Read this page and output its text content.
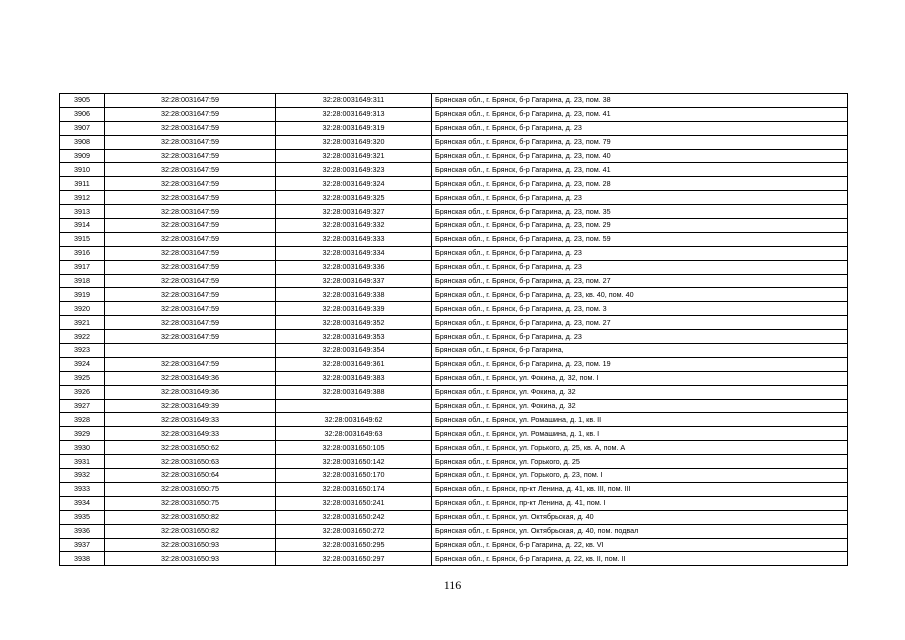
3905	32:28:0031647:59	32:28:0031649:311	Брянская обл., г. Брянск, б-р Гагарина, д. 23, пом. 38
3906	32:28:0031647:59	32:28:0031649:313	Брянская обл., г. Брянск, б-р Гагарина, д. 23, пом. 41
3907	32:28:0031647:59	32:28:0031649:319	Брянская обл., г. Брянск, б-р Гагарина, д. 23
3908	32:28:0031647:59	32:28:0031649:320	Брянская обл., г. Брянск, б-р Гагарина, д. 23, пом. 79
3909	32:28:0031647:59	32:28:0031649:321	Брянская обл., г. Брянск, б-р Гагарина, д. 23, пом. 40
3910	32:28:0031647:59	32:28:0031649:323	Брянская обл., г. Брянск, б-р Гагарина, д. 23, пом. 41
3911	32:28:0031647:59	32:28:0031649:324	Брянская обл., г. Брянск, б-р Гагарина, д. 23, пом. 28
3912	32:28:0031647:59	32:28:0031649:325	Брянская обл., г. Брянск, б-р Гагарина, д. 23
3913	32:28:0031647:59	32:28:0031649:327	Брянская обл., г. Брянск, б-р Гагарина, д. 23, пом. 35
3914	32:28:0031647:59	32:28:0031649:332	Брянская обл., г. Брянск, б-р Гагарина, д. 23, пом. 29
3915	32:28:0031647:59	32:28:0031649:333	Брянская обл., г. Брянск, б-р Гагарина, д. 23, пом. 59
3916	32:28:0031647:59	32:28:0031649:334	Брянская обл., г. Брянск, б-р Гагарина, д. 23
3917	32:28:0031647:59	32:28:0031649:336	Брянская обл., г. Брянск, б-р Гагарина, д. 23
3918	32:28:0031647:59	32:28:0031649:337	Брянская обл., г. Брянск, б-р Гагарина, д. 23, пом. 27
3919	32:28:0031647:59	32:28:0031649:338	Брянская обл., г. Брянск, б-р Гагарина, д. 23, кв. 40, пом. 40
3920	32:28:0031647:59	32:28:0031649:339	Брянская обл., г. Брянск, б-р Гагарина, д. 23, пом. 3
3921	32:28:0031647:59	32:28:0031649:352	Брянская обл., г. Брянск, б-р Гагарина, д. 23, пом. 27
3922	32:28:0031647:59	32:28:0031649:353	Брянская обл., г. Брянск, б-р Гагарина, д. 23
3923		32:28:0031649:354	Брянская обл., г. Брянск, б-р Гагарина,
3924	32:28:0031647:59	32:28:0031649:361	Брянская обл., г. Брянск, б-р Гагарина, д. 23, пом. 19
3925	32:28:0031649:36	32:28:0031649:383	Брянская обл., г. Брянск, ул. Фокина, д. 32, пом. I
3926	32:28:0031649:36	32:28:0031649:388	Брянская обл., г. Брянск, ул. Фокина, д. 32
3927	32:28:0031649:39		Брянская обл., г. Брянск, ул. Фокина, д. 32
3928	32:28:0031649:33	32:28:0031649:62	Брянская обл., г. Брянск, ул. Ромашина, д. 1, кв. II
3929	32:28:0031649:33	32:28:0031649:63	Брянская обл., г. Брянск, ул. Ромашина, д. 1, кв. I
3930	32:28:0031650:62	32:28:0031650:105	Брянская обл., г. Брянск, ул. Горького, д. 25, кв. А, пом. А
3931	32:28:0031650:63	32:28:0031650:142	Брянская обл., г. Брянск, ул. Горького, д. 25
3932	32:28:0031650:64	32:28:0031650:170	Брянская обл., г. Брянск, ул. Горького, д. 23, пом. I
3933	32:28:0031650:75	32:28:0031650:174	Брянская обл., г. Брянск, пр-кт Ленина, д. 41, кв. III, пом. III
3934	32:28:0031650:75	32:28:0031650:241	Брянская обл., г. Брянск, пр-кт Ленина, д. 41, пом. I
3935	32:28:0031650:82	32:28:0031650:242	Брянская обл., г. Брянск, ул. Октябрьская, д. 40
3936	32:28:0031650:82	32:28:0031650:272	Брянская обл., г. Брянск, ул. Октябрьская, д. 40, пом. подвал
3937	32:28:0031650:93	32:28:0031650:295	Брянская обл., г. Брянск, б-р Гагарина, д. 22, кв. VI
3938	32:28:0031650:93	32:28:0031650:297	Брянская обл., г. Брянск, б-р Гагарина, д. 22, кв. II, пом. II
116
